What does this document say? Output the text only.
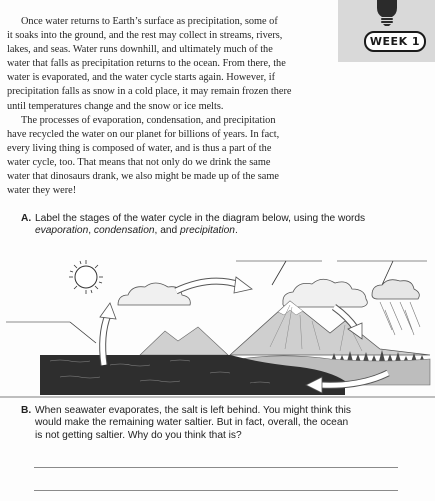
WEEK 1

Once water returns to Earth’s surface as precipitation, some of
it soaks into the ground, and the rest may collect in streams, rivers,
lakes, and seas. Water runs downhill, and ultimately much of the
water that falls as precipitation returns to the ocean. From there, the
water is evaporated, and the water cycle starts again. However, if
precipitation falls as snow in a cold place, it may remain frozen there
until temperatures change and the snow or ice melts.

The processes of evaporation, condensation, and precipitation
have recycled the water on our planet for billions of years. In fact,
every living thing is composed of water, and is thus a part of the
water cycle, too. That means that not only do we drink the same
water that dinosaurs drank, we also might be made up of the same
water they were!

A. Label the stages of the water cycle in the diagram below, using the words
evaporation, condensation, and precipitation.
B. When seawater evaporates, the salt is left behind. You might think this
would make the remaining water saltier. But in fact, overall, the ocean
is not getting saltier. Why do you think that is?
